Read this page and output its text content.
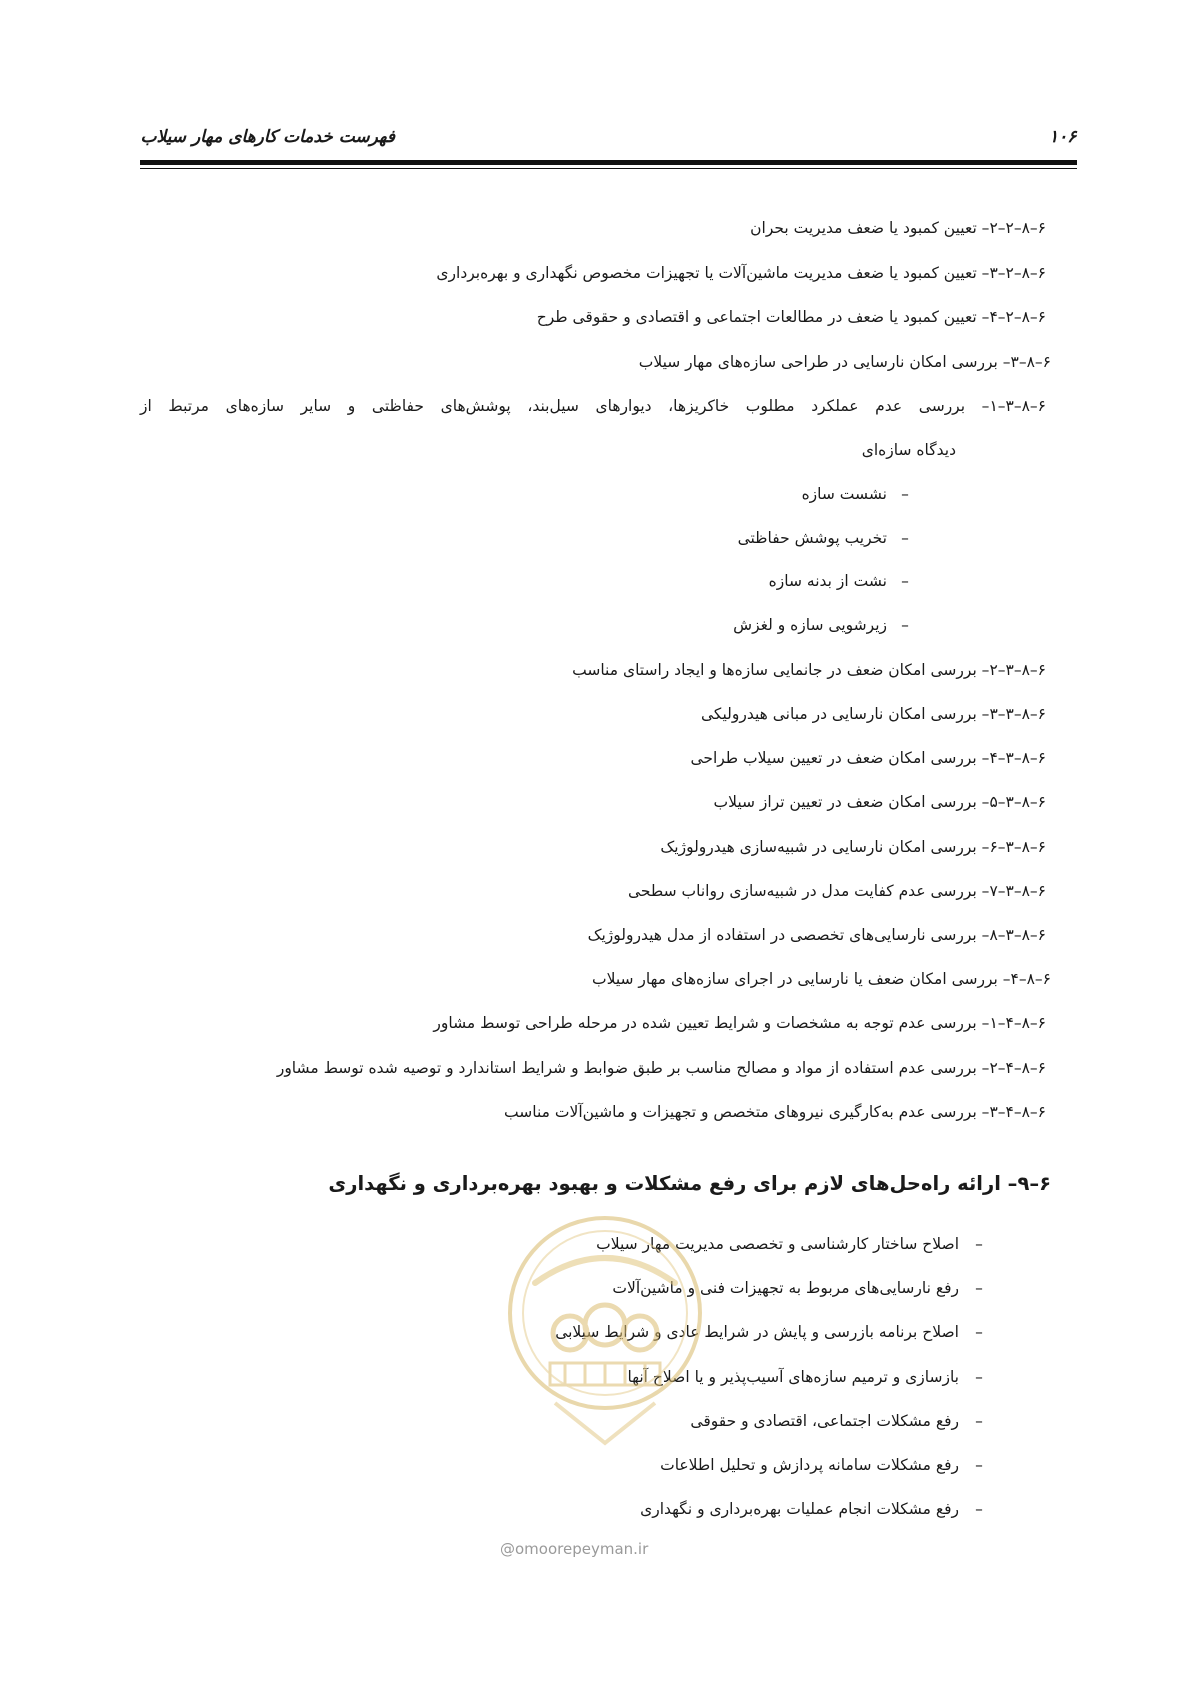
فهرست خدمات کارهای مهار سیلاب	۱۰۶
۶–۸–۲–۲– تعیین کمبود یا ضعف مدیریت بحران
۶–۸–۲–۳– تعیین کمبود یا ضعف مدیریت ماشین‌آلات یا تجهیزات مخصوص نگهداری و بهره‌برداری
۶–۸–۲–۴– تعیین کمبود یا ضعف در مطالعات اجتماعی و اقتصادی و حقوقی طرح
۶–۸–۳– بررسی امکان نارسایی در طراحی سازه‌های مهار سیلاب
۶–۸–۳–۱– بررسی عدم عملکرد مطلوب خاکریزها، دیوارهای سیل‌بند، پوشش‌های حفاظتی و سایر سازه‌های مرتبط از
دیدگاه سازه‌ای
–نشست سازه
–تخریب پوشش حفاظتی
–نشت از بدنه سازه
–زیرشویی سازه و لغزش
۶–۸–۳–۲– بررسی امکان ضعف در جانمایی سازه‌ها و ایجاد راستای مناسب
۶–۸–۳–۳– بررسی امکان نارسایی در مبانی هیدرولیکی
۶–۸–۳–۴– بررسی امکان ضعف در تعیین سیلاب طراحی
۶–۸–۳–۵– بررسی امکان ضعف در تعیین تراز سیلاب
۶–۸–۳–۶– بررسی امکان نارسایی در شبیه‌سازی هیدرولوژیک
۶–۸–۳–۷– بررسی عدم کفایت مدل در شبیه‌سازی رواناب سطحی
۶–۸–۳–۸– بررسی نارسایی‌های تخصصی در استفاده از مدل هیدرولوژیک
۶–۸–۴– بررسی امکان ضعف یا نارسایی در اجرای سازه‌های مهار سیلاب
۶–۸–۴–۱– بررسی عدم توجه به مشخصات و شرایط تعیین شده در مرحله طراحی توسط مشاور
۶–۸–۴–۲– بررسی عدم استفاده از مواد و مصالح مناسب بر طبق ضوابط و شرایط استاندارد و توصیه شده توسط مشاور
۶–۸–۴–۳– بررسی عدم به‌کارگیری نیروهای متخصص و تجهیزات و ماشین‌آلات مناسب
۶–۹– ارائه راه‌حل‌های لازم برای رفع مشکلات و بهبود بهره‌برداری و نگهداری
–اصلاح ساختار کارشناسی و تخصصی مدیریت مهار سیلاب
–رفع نارسایی‌های مربوط به تجهیزات فنی و ماشین‌آلات
–اصلاح برنامه بازرسی و پایش در شرایط عادی و شرایط سیلابی
–بازسازی و ترمیم سازه‌های آسیب‌پذیر و یا اصلاح آنها
–رفع مشکلات اجتماعی، اقتصادی و حقوقی
–رفع مشکلات سامانه پردازش و تحلیل اطلاعات
–رفع مشکلات انجام عملیات بهره‌برداری و نگهداری
@omoorepeyman.ir
